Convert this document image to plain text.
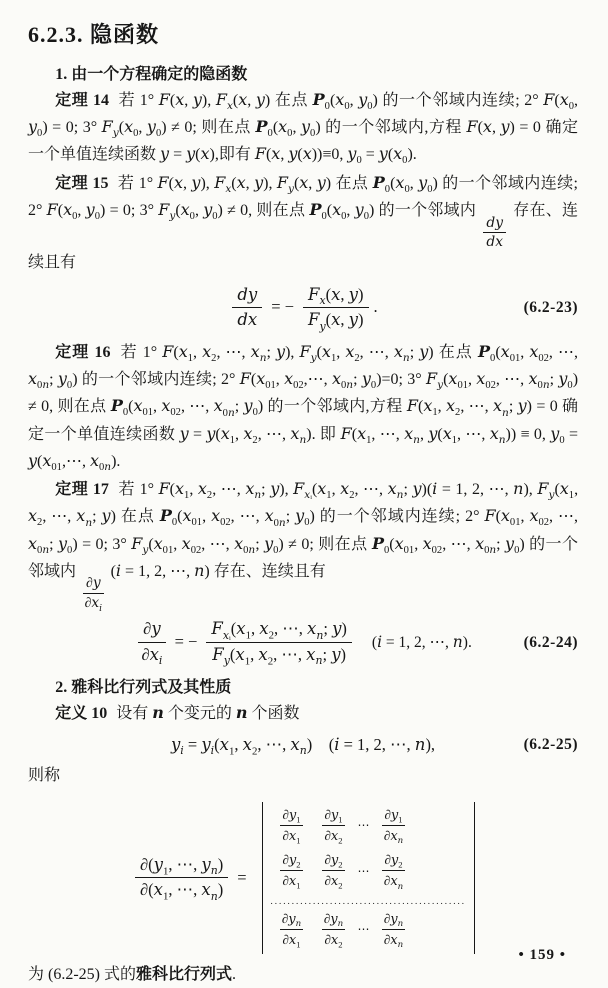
6.2.3. 隐函数

1. 由一个方程确定的隐函数

定理 14 若 1° F(x, y), $F_x(x$, y) 在点 $P_0(x_0$, $y_0$) 的一个邻域内连续; 2° $F(x_0$, $y_0) = 0$; 3° $F_y(x_0$, $y_0) \ne 0$; 则在点 $P_0(x_0$, $y_0$) 的一个邻域内,方程 F(x, y) = 0 确定一个单值连续函数 y = y(x),即有 F(x, y(x))≡0, $y_0 = y(x_0)$.

定理 15 若 1° F(x, y), $F_x(x$, y), $F_y(x$, y) 在点 $P_0(x_0$, $y_0$) 的一个邻域内连续; 2° $F(x_0$, $y_0) = 0$; 3° $F_y(x_0$, $y_0) \ne 0$, 则在点 $P_0(x_0$, $y_0$) 的一个邻域内
$\frac{dy}{dx}$
存在、连续且有

$\frac{dy}{dx}$ = − $\frac{F_x(x, y)}{F_y(x, y)}$ .	(6.2-23)

定理 16 若 1° $F(x_1$, $x_2$, ⋯, $x_n$; y), $F_y(x_1$, $x_2$, ⋯, $x_n$; y) 在点 $P_0(x_{01}$, $x_{02}$, ⋯, $x_{0n}$; $y_0$) 的一个邻域内连续; 2° $F(x_{01}$, $x_{02},\cdots$, $x_{0n}$; $y_0)=0$; 3° $F_y(x_{01}$, $x_{02}$, ⋯, $x_{0n}$; $y_0) \ne 0$, 则在点 $P_0(x_{01}$, $x_{02}$, ⋯, $x_{0n}$; $y_0$) 的一个邻域内,方程 $F(x_1$, $x_2$, ⋯, $x_n$; y) = 0 确定一个单值连续函数 $y = y(x_1$, $x_2$, ⋯, $x_n$). 即 $F(x_1$, ⋯, $x_n$, $y(x_1$, ⋯, $x_n)) \equiv 0$, $y_0$ = $y(x_{01},\cdots$, $x_{0n}$).

定理 17 若 1° $F(x_1$, $x_2$, ⋯, $x_n$; y), $F_{xᵢ}(x_1$, $x_2$, ⋯, $x_n$; y)(i = 1, 2, ⋯, n), $F_y(x_1$, $x_2$, ⋯, $x_n$; y) 在点 $P_0(x_{01}$, $x_{02}$, ⋯, $x_{0n}$; $y_0$) 的一个邻域内连续; 2° $F(x_{01}$, $x_{02}$, ⋯, $x_{0n}$; $y_0) = 0$; 3° $F_y(x_{01}$, $x_{02}$, ⋯, $x_{0n}$; $y_0) \ne 0$; 则在点 $P_0(x_{01}$, $x_{02}$, ⋯, $x_{0n}$; $y_0$) 的一个邻域内
$\frac{\partial y}{\partial x_i}$
(i = 1, 2, ⋯, n) 存在、连续且有

$\frac{\partial y}{\partial x_i}$ = −
$F_{xᵢ}(x_1$, $x_2$, ⋯, $x_n$; y)
$F_y(x_1$, $x_2$, ⋯, $x_n$; y)
(i = 1, 2, ⋯, n).	(6.2-24)

2. 雅科比行列式及其性质

定义 10 设有 n 个变元的 n 个函数

$y_i = y_i(x_1$, $x_2$, ⋯, $x_n$)  (i = 1, 2, ⋯, n),	(6.2-25)

则称

$\frac{\partial(y_1, \cdots, y_n)}{\partial(x_1, \cdots, x_n)}$ =
$\frac{\partial y_1}{\partial x_1} \frac{\partial y_1}{\partial x_2}$ ⋯ $\frac{\partial y_1}{\partial x_n}$
$\frac{\partial y_2}{\partial x_1} \frac{\partial y_2}{\partial x_2}$ ⋯ $\frac{\partial y_2}{\partial x_n}$
..............................................
$\frac{\partial y_n}{\partial x_1} \frac{\partial y_n}{\partial x_2}$ ⋯ $\frac{\partial y_n}{\partial x_n}$

为 (6.2-25) 式的雅科比行列式.

• 159 •
